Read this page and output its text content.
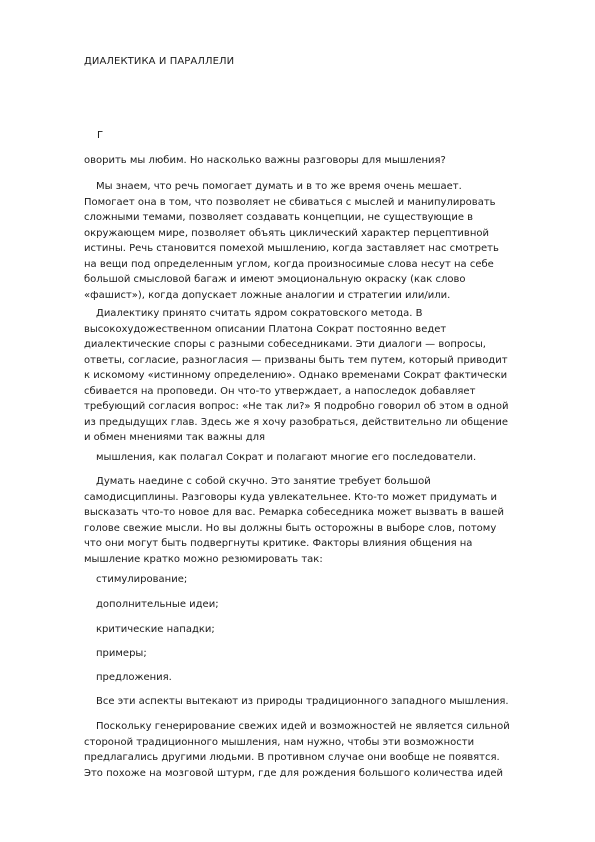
ДИАЛЕКТИКА И ПАРАЛЛЕЛИ
Г
оворить мы любим. Но насколько важны разговоры для мышления?
Мы знаем, что речь помогает думать и в то же время очень мешает.
Помогает она в том, что позволяет не сбиваться с мыслей и манипулировать
сложными темами, позволяет создавать концепции, не существующие в
окружающем мире, позволяет объять циклический характер перцептивной
истины. Речь становится помехой мышлению, когда заставляет нас смотреть
на вещи под определенным углом, когда произносимые слова несут на себе
большой смысловой багаж и имеют эмоциональную окраску (как слово
«фашист»), когда допускает ложные аналогии и стратегии или/или.
Диалектику принято считать ядром сократовского метода. В
высокохудожественном описании Платона Сократ постоянно ведет
диалектические споры с разными собеседниками. Эти диалоги — вопросы,
ответы, согласие, разногласия — призваны быть тем путем, который приводит
к искомому «истинному определению». Однако временами Сократ фактически
сбивается на проповеди. Он что-то утверждает, а напоследок добавляет
требующий согласия вопрос: «Не так ли?» Я подробно говорил об этом в одной
из предыдущих глав. Здесь же я хочу разобраться, действительно ли общение
и обмен мнениями так важны для
мышления, как полагал Сократ и полагают многие его последователи.
Думать наедине с собой скучно. Это занятие требует большой
самодисциплины. Разговоры куда увлекательнее. Кто-то может придумать и
высказать что-то новое для вас. Ремарка собеседника может вызвать в вашей
голове свежие мысли. Но вы должны быть осторожны в выборе слов, потому
что они могут быть подвергнуты критике. Факторы влияния общения на
мышление кратко можно резюмировать так:
стимулирование;
дополнительные идеи;
критические нападки;
примеры;
предложения.
Все эти аспекты вытекают из природы традиционного западного мышления.
Поскольку генерирование свежих идей и возможностей не является сильной
стороной традиционного мышления, нам нужно, чтобы эти возможности
предлагались другими людьми. В противном случае они вообще не появятся.
Это похоже на мозговой штурм, где для рождения большого количества идей
